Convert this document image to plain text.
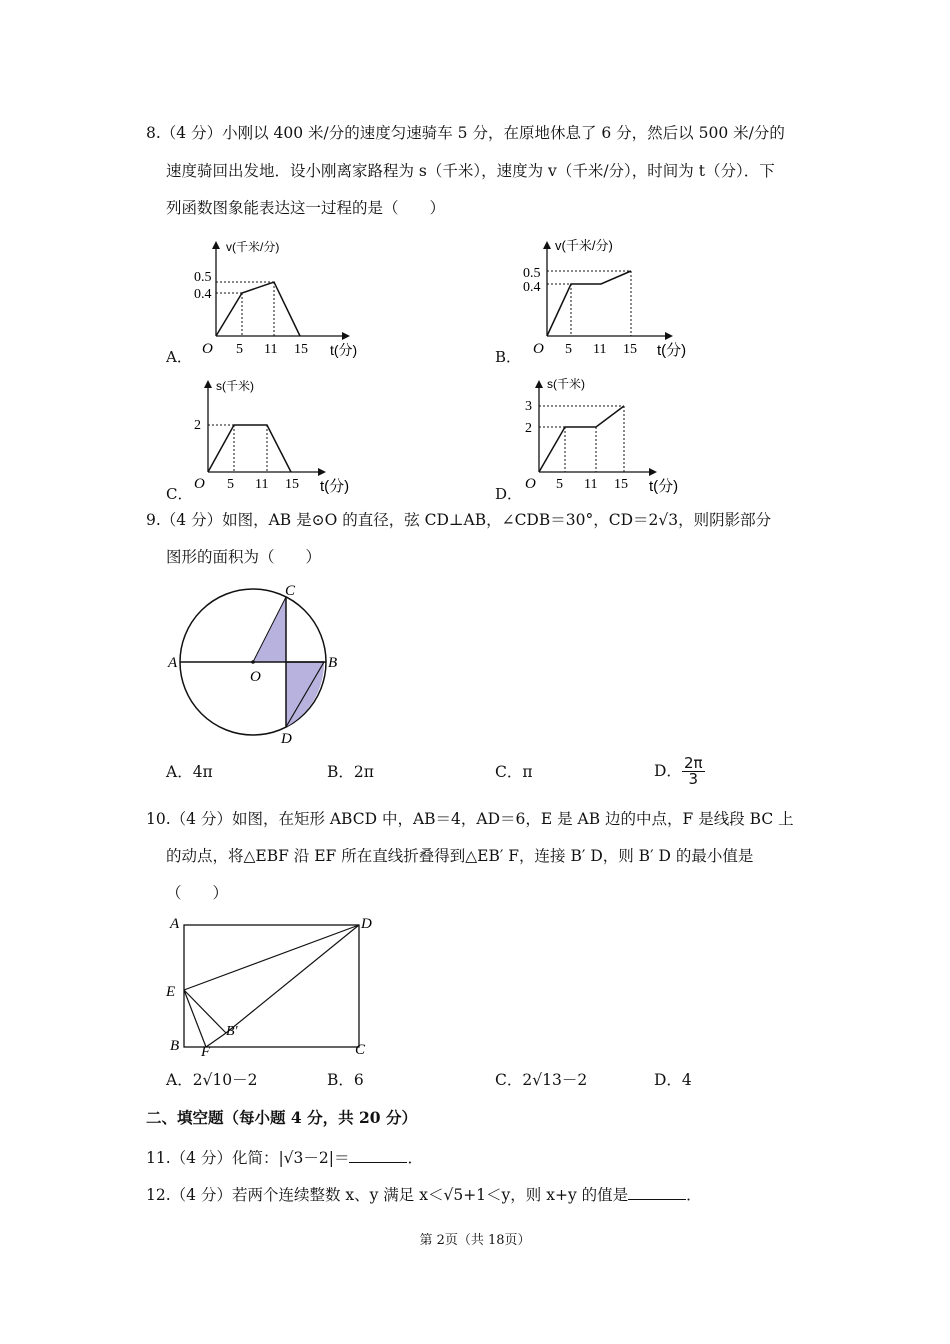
8.（4 分）小刚以 400 米/分的速度匀速骑车 5 分，在原地休息了 6 分，然后以 500 米/分的
速度骑回出发地．设小刚离家路程为 s（千米），速度为 v（千米/分），时间为 t（分）．下
列函数图象能表达这一过程的是（　　）
A．
v(千米/分)
0.5
0.4
O 5 11 15 t(分)	B．
v(千米/分)
0.5
0.4
O 5 11 15 t(分)
C．
s(千米)
2
O 5 11 15 t(分)	D．
s(千米)
3
2
O 5 11 15 t(分)
9.（4 分）如图，AB 是⊙O 的直径，弦 CD⊥AB，∠CDB＝30°，CD＝2√3，则阴影部分
图形的面积为（　　）
A	B
C
D
O
A．4π	B．2π	C．π	D． $\frac{2\pi}{3}$
10.（4 分）如图，在矩形 ABCD 中，AB＝4，AD＝6，E 是 AB 边的中点，F 是线段 BC 上
的动点，将△EBF 沿 EF 所在直线折叠得到△EB′ F，连接 B′ D，则 B′ D 的最小值是
（　　）
A	D
E
B F
B′
C
A．2√10－2	B．6	C．2√13－2	D．4
二、填空题（每小题 4 分，共 20 分）
11.（4 分）化简：|√3－2|＝	．
12.（4 分）若两个连续整数 x、y 满足 x＜√5+1＜y，则 x+y 的值是	．
第 2页（共 18页）
